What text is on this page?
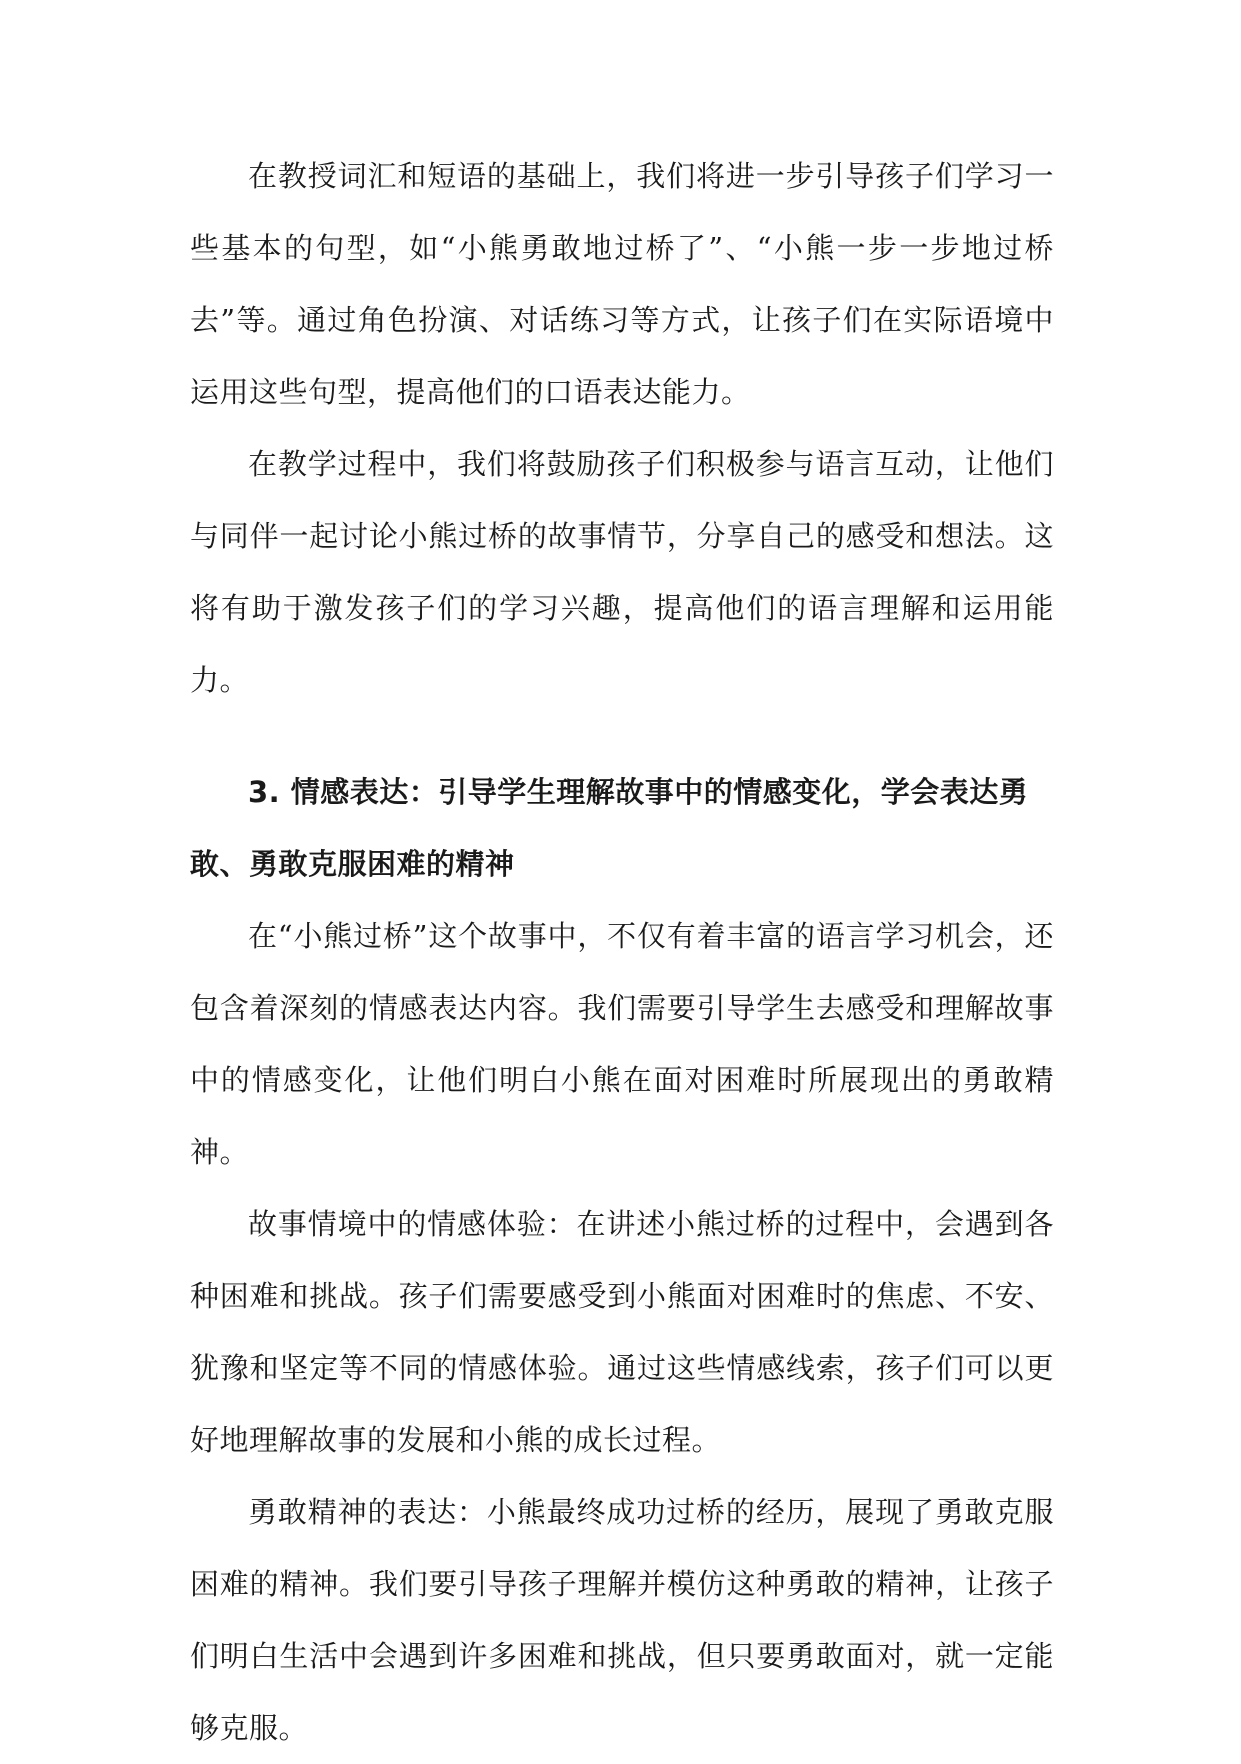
在教授词汇和短语的基础上，我们将进一步引导孩子们学习一些基本的句型，如“小熊勇敢地过桥了”、“小熊一步一步地过桥去”等。通过角色扮演、对话练习等方式，让孩子们在实际语境中运用这些句型，提高他们的口语表达能力。

在教学过程中，我们将鼓励孩子们积极参与语言互动，让他们与同伴一起讨论小熊过桥的故事情节，分享自己的感受和想法。这将有助于激发孩子们的学习兴趣，提高他们的语言理解和运用能力。

3. 情感表达：引导学生理解故事中的情感变化，学会表达勇敢、勇敢克服困难的精神

在“小熊过桥”这个故事中，不仅有着丰富的语言学习机会，还包含着深刻的情感表达内容。我们需要引导学生去感受和理解故事中的情感变化，让他们明白小熊在面对困难时所展现出的勇敢精神。

故事情境中的情感体验：在讲述小熊过桥的过程中，会遇到各种困难和挑战。孩子们需要感受到小熊面对困难时的焦虑、不安、犹豫和坚定等不同的情感体验。通过这些情感线索，孩子们可以更好地理解故事的发展和小熊的成长过程。

勇敢精神的表达：小熊最终成功过桥的经历，展现了勇敢克服困难的精神。我们要引导孩子理解并模仿这种勇敢的精神，让孩子们明白生活中会遇到许多困难和挑战，但只要勇敢面对，就一定能够克服。
